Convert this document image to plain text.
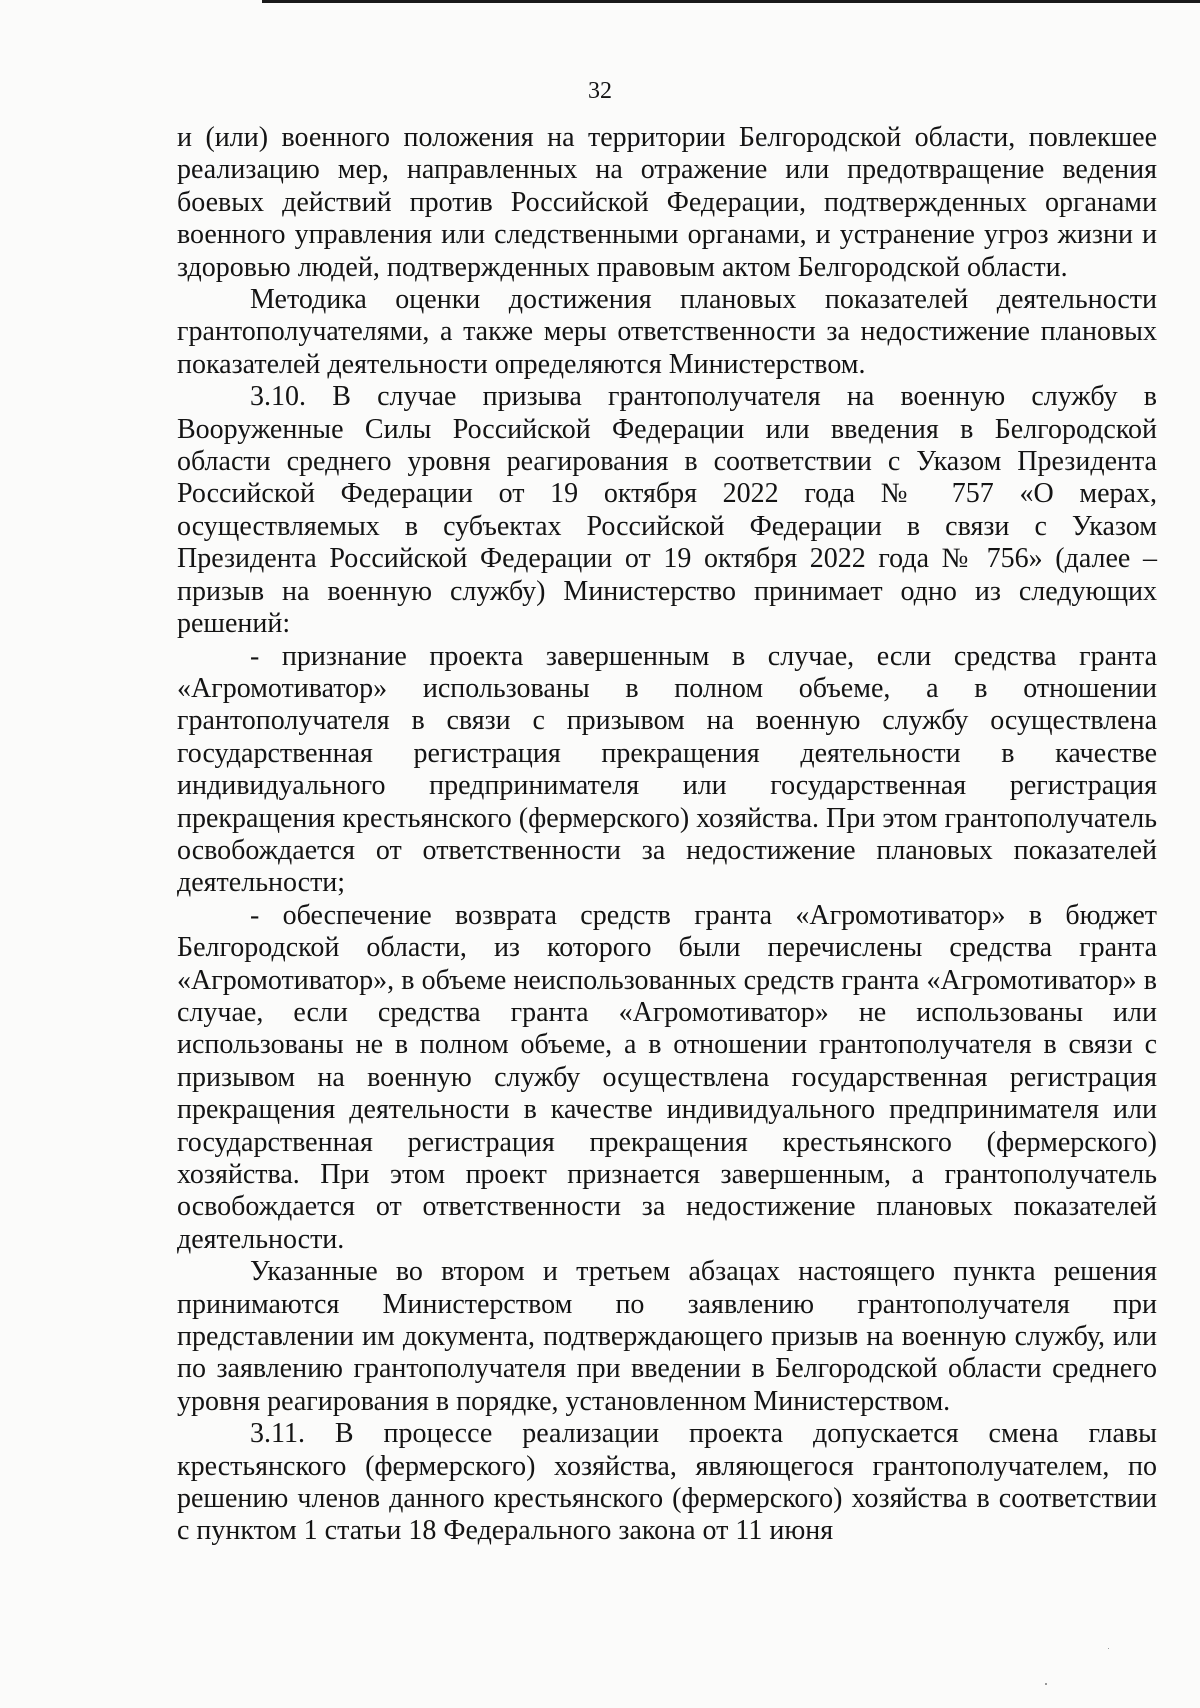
32

и (или) военного положения на территории Белгородской области, повлекшее реализацию мер, направленных на отражение или предотвращение ведения боевых действий против Российской Федерации, подтвержденных органами военного управления или следственными органами, и устранение угроз жизни и здоровью людей, подтвержденных правовым актом Белгородской области.

Методика оценки достижения плановых показателей деятельности грантополучателями, а также меры ответственности за недостижение плановых показателей деятельности определяются Министерством.

3.10. В случае призыва грантополучателя на военную службу в Вооруженные Силы Российской Федерации или введения в Белгородской области среднего уровня реагирования в соответствии с Указом Президента Российской Федерации от 19 октября 2022 года № 757 «О мерах, осуществляемых в субъектах Российской Федерации в связи с Указом Президента Российской Федерации от 19 октября 2022 года № 756» (далее – призыв на военную службу) Министерство принимает одно из следующих решений:

- признание проекта завершенным в случае, если средства гранта «Агромотиватор» использованы в полном объеме, а в отношении грантополучателя в связи с призывом на военную службу осуществлена государственная регистрация прекращения деятельности в качестве индивидуального предпринимателя или государственная регистрация прекращения крестьянского (фермерского) хозяйства. При этом грантополучатель освобождается от ответственности за недостижение плановых показателей деятельности;

- обеспечение возврата средств гранта «Агромотиватор» в бюджет Белгородской области, из которого были перечислены средства гранта «Агромотиватор», в объеме неиспользованных средств гранта «Агромотиватор» в случае, если средства гранта «Агромотиватор» не использованы или использованы не в полном объеме, а в отношении грантополучателя в связи с призывом на военную службу осуществлена государственная регистрация прекращения деятельности в качестве индивидуального предпринимателя или государственная регистрация прекращения крестьянского (фермерского) хозяйства. При этом проект признается завершенным, а грантополучатель освобождается от ответственности за недостижение плановых показателей деятельности.

Указанные во втором и третьем абзацах настоящего пункта решения принимаются Министерством по заявлению грантополучателя при представлении им документа, подтверждающего призыв на военную службу, или по заявлению грантополучателя при введении в Белгородской области среднего уровня реагирования в порядке, установленном Министерством.

3.11. В процессе реализации проекта допускается смена главы крестьянского (фермерского) хозяйства, являющегося грантополучателем, по решению членов данного крестьянского (фермерского) хозяйства в соответствии с пунктом 1 статьи 18 Федерального закона от 11 июня
